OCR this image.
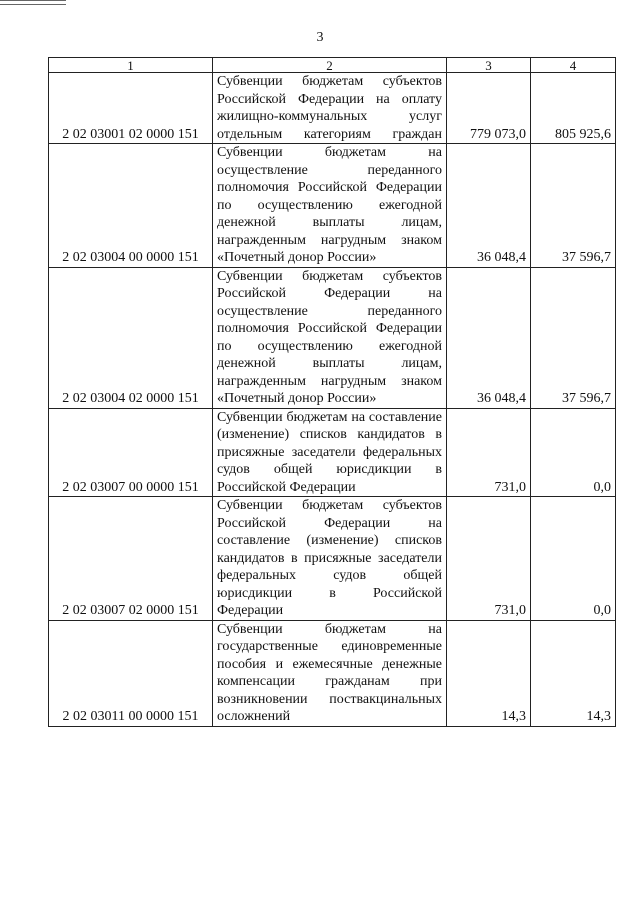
3
1	2	3	4
2 02 03001 02 0000 151	Субвенции бюджетам субъектов Российской Федерации на оплату жилищно-коммунальных услуг отдельным категориям граждан	779 073,0	805 925,6
2 02 03004 00 0000 151	Субвенции бюджетам на осуществление переданного полномочия Российской Федерации по осуществлению ежегодной денежной выплаты лицам, награжденным нагрудным знаком «Почетный донор России»	36 048,4	37 596,7
2 02 03004 02 0000 151	Субвенции бюджетам субъектов Российской Федерации на осуществление переданного полномочия Российской Федерации по осуществлению ежегодной денежной выплаты лицам, награжденным нагрудным знаком «Почетный донор России»	36 048,4	37 596,7
2 02 03007 00 0000 151	Субвенции бюджетам на составление (изменение) списков кандидатов в присяжные заседатели федеральных судов общей юрисдикции в Российской Федерации	731,0	0,0
2 02 03007 02 0000 151	Субвенции бюджетам субъектов Российской Федерации на составление (изменение) списков кандидатов в присяжные заседатели федеральных судов общей юрисдикции в Российской Федерации	731,0	0,0
2 02 03011 00 0000 151	Субвенции бюджетам на государственные единовременные пособия и ежемесячные денежные компенсации гражданам при возникновении поствакцинальных осложнений	14,3	14,3
